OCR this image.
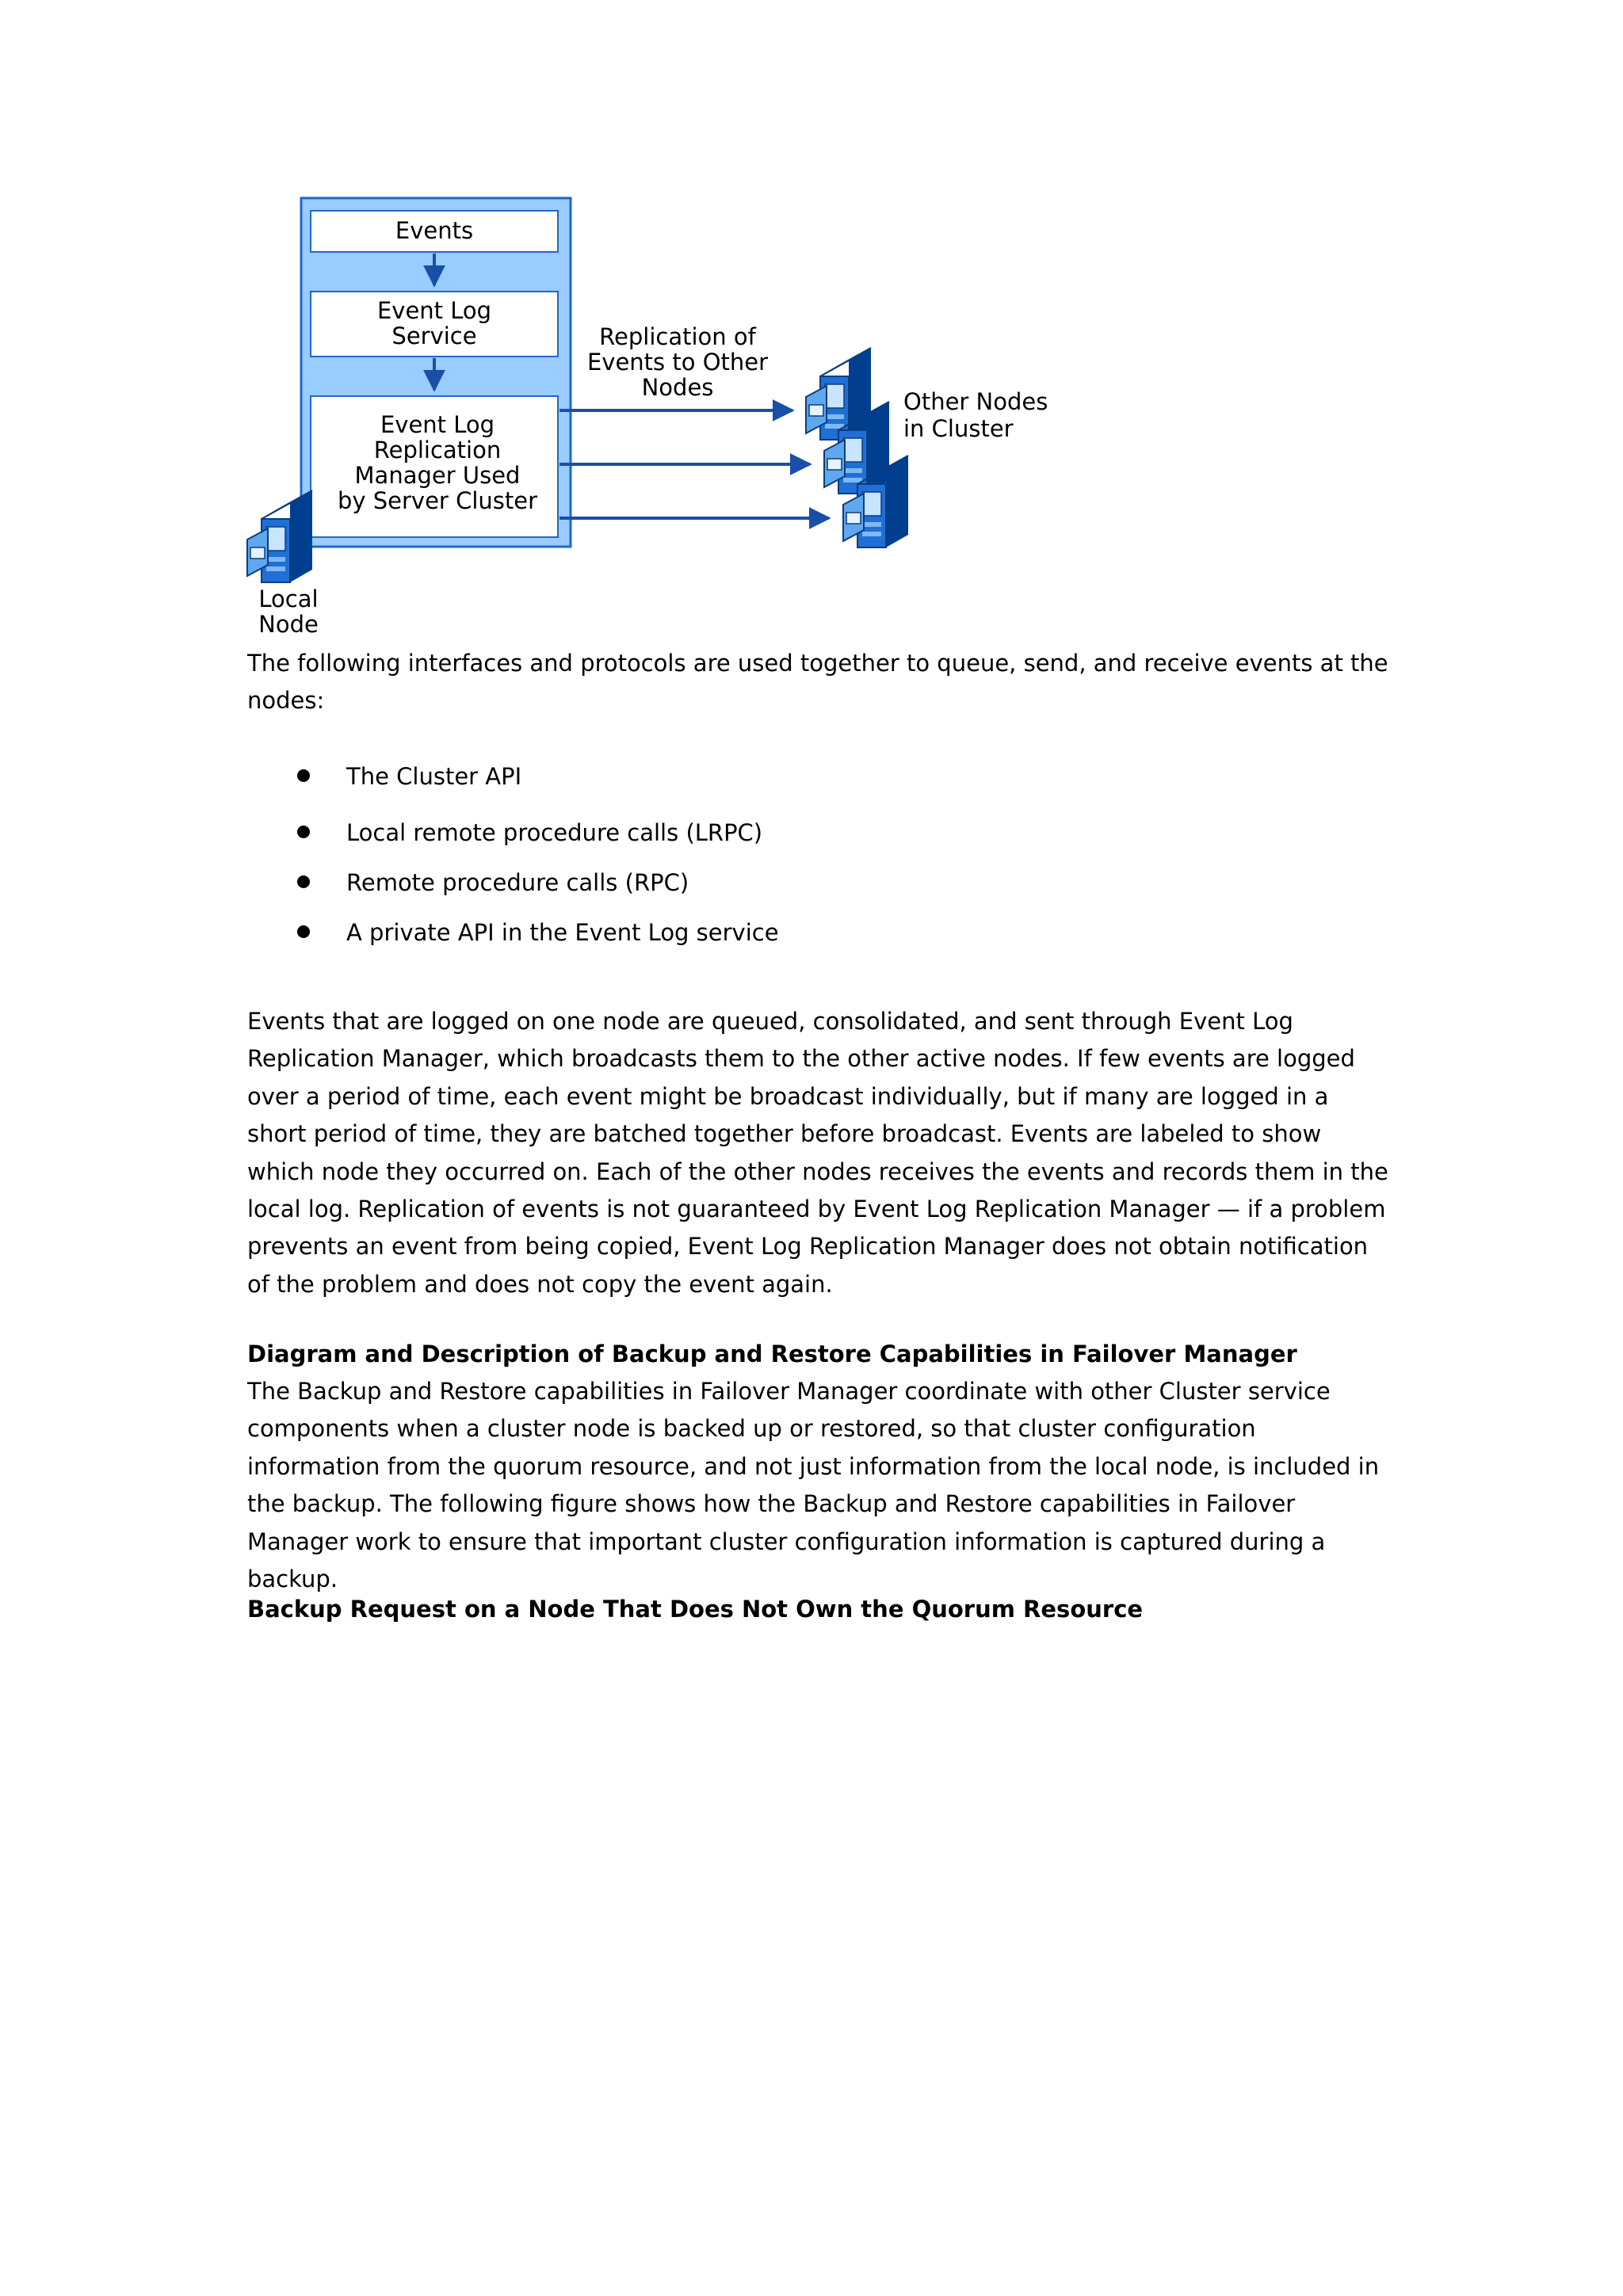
Events
Event Log
Service
Event Log
Replication
Manager Used
by Server Cluster
Replication of
Events to Other
Nodes
Other Nodes
in Cluster
Local
Node

The following interfaces and protocols are used together to queue, send, and receive events at the nodes:

The Cluster API
Local remote procedure calls (LRPC)
Remote procedure calls (RPC)
A private API in the Event Log service

Events that are logged on one node are queued, consolidated, and sent through Event Log Replication Manager, which broadcasts them to the other active nodes. If few events are logged over a period of time, each event might be broadcast individually, but if many are logged in a short period of time, they are batched together before broadcast. Events are labeled to show which node they occurred on. Each of the other nodes receives the events and records them in the local log. Replication of events is not guaranteed by Event Log Replication Manager — if a problem prevents an event from being copied, Event Log Replication Manager does not obtain notification of the problem and does not copy the event again.

Diagram and Description of Backup and Restore Capabilities in Failover Manager

The Backup and Restore capabilities in Failover Manager coordinate with other Cluster service components when a cluster node is backed up or restored, so that cluster configuration information from the quorum resource, and not just information from the local node, is included in the backup. The following figure shows how the Backup and Restore capabilities in Failover Manager work to ensure that important cluster configuration information is captured during a backup.

Backup Request on a Node That Does Not Own the Quorum Resource
